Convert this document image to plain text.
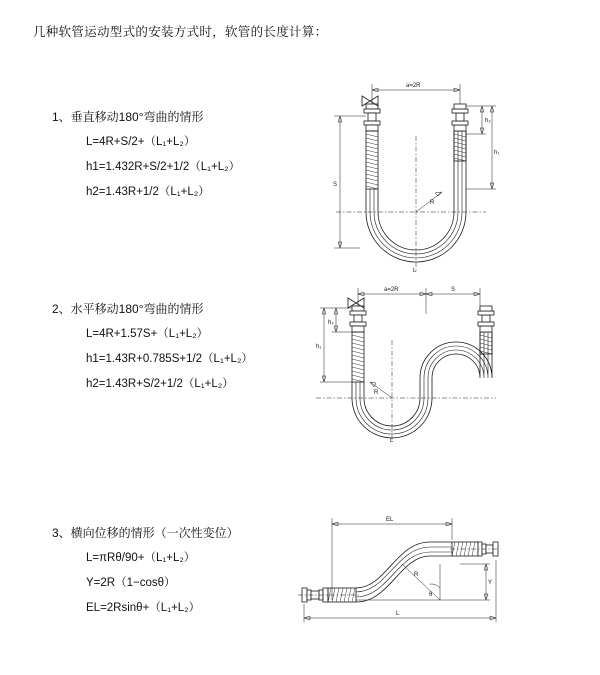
几种软管运动型式的安装方式时，软管的长度计算：

1、垂直移动180°弯曲的情形

L=4R+S/2+（L₁+L₂）

h1=1.432R+S/2+1/2（L₁+L₂）

h2=1.43R+1/2（L₁+L₂）

a=2R
h₂
h₁
S
R
L

2、水平移动180°弯曲的情形

L=4R+1.57S+（L₁+L₂）

h1=1.43R+0.785S+1/2（L₁+L₂）

h2=1.43R+S/2+1/2（L₁+L₂）

a=2R	S
h₂
h₁
R
L

3、横向位移的情形（一次性变位）

L=πRθ/90+（L₁+L₂）

Y=2R（1−cosθ）

EL=2Rsinθ+（L₁+L₂）

EL
Y
R
θ
L
